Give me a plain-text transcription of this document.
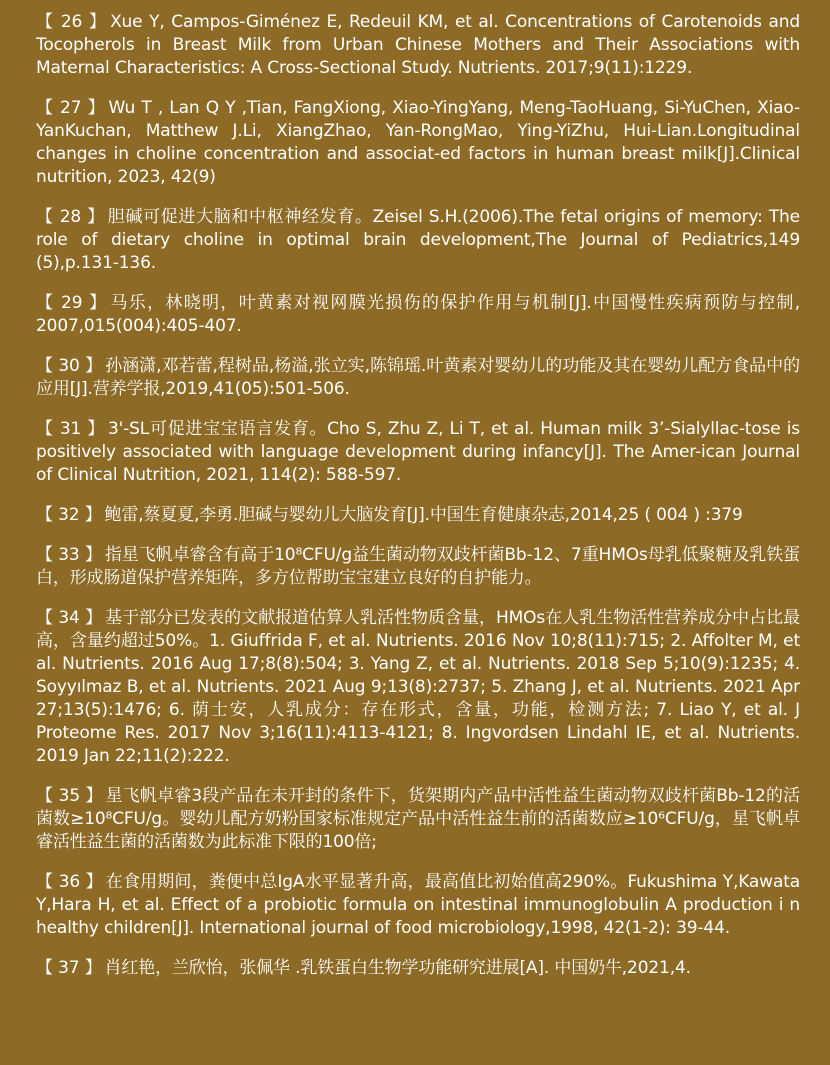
【 26 】 Xue Y, Campos-Giménez E, Redeuil KM, et al. Concentrations of Carotenoids and Tocopherols in Breast Milk from Urban Chinese Mothers and Their Associations with Maternal Characteristics: A Cross-Sectional Study. Nutrients. 2017;9(11):1229.
【 27 】 Wu T , Lan Q Y ,Tian, FangXiong, Xiao-YingYang, Meng-TaoHuang, Si-YuChen, Xiao-YanKuchan, Matthew J.Li, XiangZhao, Yan-RongMao, Ying-YiZhu, Hui-Lian.Longitudinal changes in choline concentration and associat-ed factors in human breast milk[J].Clinical nutrition, 2023, 42(9)
【 28 】 胆碱可促进大脑和中枢神经发育。Zeisel S.H.(2006).The fetal origins of memory: The role of dietary choline in optimal brain development,The Journal of Pediatrics,149 (5),p.131-136.
【 29 】 马乐，林晓明，叶黄素对视网膜光损伤的保护作用与机制[J].中国慢性疾病预防与控制, 2007,015(004):405-407.
【 30 】 孙涵潇,邓若蕾,程树品,杨溢,张立实,陈锦瑶.叶黄素对婴幼儿的功能及其在婴幼儿配方食品中的应用[J].营养学报,2019,41(05):501-506.
【 31 】 3'-SL可促进宝宝语言发育。Cho S, Zhu Z, Li T, et al. Human milk 3’-Sialyllac-tose is positively associated with language development during infancy[J]. The Amer-ican Journal of Clinical Nutrition, 2021, 114(2): 588-597.
【 32 】 鲍雷,蔡夏夏,李勇.胆碱与婴幼儿大脑发育[J].中国生育健康杂志,2014,25 ( 004 ) :379
【 33 】 指星飞帆卓睿含有高于10⁸CFU/g益生菌动物双歧杆菌Bb-12、7重HMOs母乳低聚糖及乳铁蛋白，形成肠道保护营养矩阵，多方位帮助宝宝建立良好的自护能力。
【 34 】 基于部分已发表的文献报道估算人乳活性物质含量，HMOs在人乳生物活性营养成分中占比最高，含量约超过50%。1. Giuffrida F, et al. Nutrients. 2016 Nov 10;8(11):715; 2. Affolter M, et al. Nutrients. 2016 Aug 17;8(8):504; 3. Yang Z, et al. Nutrients. 2018 Sep 5;10(9):1235; 4. Soyyılmaz B, et al. Nutrients. 2021 Aug 9;13(8):2737; 5. Zhang J, et al. Nutrients. 2021 Apr 27;13(5):1476; 6. 荫士安，人乳成分：存在形式，含量，功能，检测方法; 7. Liao Y, et al. J Proteome Res. 2017 Nov 3;16(11):4113-4121; 8. Ingvordsen Lindahl IE, et al. Nutrients. 2019 Jan 22;11(2):222.
【 35 】 星飞帆卓睿3段产品在未开封的条件下，货架期内产品中活性益生菌动物双歧杆菌Bb-12的活菌数≥10⁸CFU/g。婴幼儿配方奶粉国家标准规定产品中活性益生前的活菌数应≥10⁶CFU/g，星飞帆卓睿活性益生菌的活菌数为此标准下限的100倍;
【 36 】 在食用期间，粪便中总IgA水平显著升高，最高值比初始值高290%。Fukushima Y,Kawata Y,Hara H, et al. Effect of a probiotic formula on intestinal immunoglobulin A production i n healthy children[J]. International journal of food microbiology,1998, 42(1-2): 39-44.
【 37 】 肖红艳，兰欣怡，张佩华 .乳铁蛋白生物学功能研究进展[A]. 中国奶牛,2021,4.
